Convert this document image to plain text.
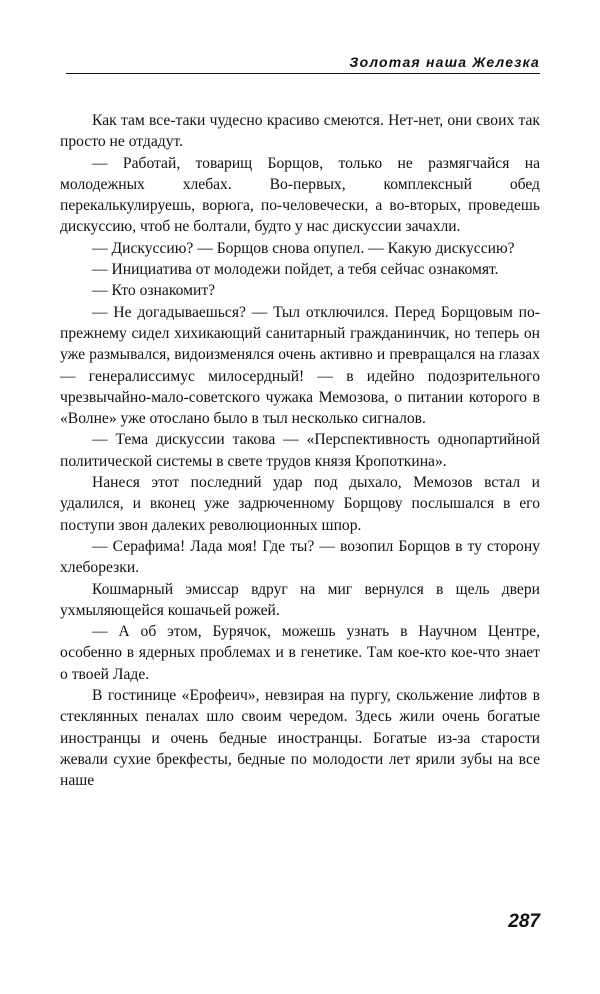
Золотая наша Железка

Как там все-таки чудесно красиво смеются. Нет-нет, они своих так просто не отдадут.

— Работай, товарищ Борщов, только не размягчайся на молодежных хлебах. Во-первых, комплексный обед перекалькулируешь, ворюга, по-человечески, а во-вторых, проведешь дискуссию, чтоб не болтали, будто у нас дискуссии зачахли.

— Дискуссию? — Борщов снова опупел. — Какую дискуссию?

— Инициатива от молодежи пойдет, а тебя сейчас ознакомят.

— Кто ознакомит?

— Не догадываешься? — Тыл отключился. Перед Борщовым по-прежнему сидел хихикающий санитарный гражданинчик, но теперь он уже размывался, видоизменялся очень активно и превращался на глазах — генералиссимус милосердный! — в идейно подозрительного чрезвычайно-мало-советского чужака Мемозова, о питании которого в «Волне» уже отослано было в тыл несколько сигналов.

— Тема дискуссии такова — «Перспективность однопартийной политической системы в свете трудов князя Кропоткина».

Нанеся этот последний удар под дыхало, Мемозов встал и удалился, и вконец уже задрюченному Борщову послышался в его поступи звон далеких революционных шпор.

— Серафима! Лада моя! Где ты? — возопил Борщов в ту сторону хлеборезки.

Кошмарный эмиссар вдруг на миг вернулся в щель двери ухмыляющейся кошачьей рожей.

— А об этом, Бурячок, можешь узнать в Научном Центре, особенно в ядерных проблемах и в генетике. Там кое-кто кое-что знает о твоей Ладе.

В гостинице «Ерофеич», невзирая на пургу, скольжение лифтов в стеклянных пеналах шло своим чередом. Здесь жили очень богатые иностранцы и очень бедные иностранцы. Богатые из-за старости жевали сухие брекфесты, бедные по молодости лет ярили зубы на все наше

287
